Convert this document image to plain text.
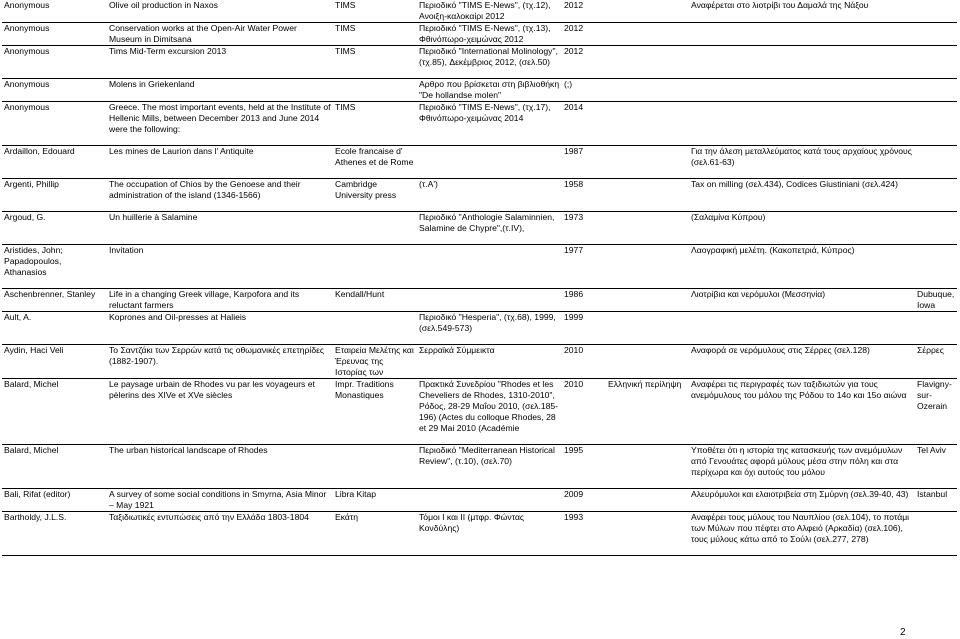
Anonymous	Olive oil production in Naxos	TIMS	Περιοδικό "TIMS E-News", (τχ.12), Ανοιξη-καλοκαίρι 2012	2012		Αναφέρεται στο λιοτρίβι του Δαμαλά της Νάξου	
Anonymous	Conservation works at the Open-Air Water Power Museum in Dimitsana	TIMS	Περιοδικό "TIMS E-News", (τχ.13), Φθινόπωρο-χειμώνας 2012	2012			
Anonymous	Tims Mid-Term excursion 2013	TIMS	Περιοδικό "International Molinology", (τχ.85), Δεκέμβριος 2012, (σελ.50)	2012			
Anonymous	Molens in Griekenland		Αρθρο που βρίσκεται στη βιβλιοθήκη "De hollandse molen"	(;)			
Anonymous	Greece. The most important events, held at the Institute of Hellenic Mills, between December 2013 and June 2014 were the following:	TIMS	Περιοδικό "TIMS E-News", (τχ.17), Φθινόπωρο-χειμώνας 2014	2014			
Ardaillon, Edouard	Les mines de Laurion dans l' Antiquite	Ecole francaise d' Athenes et de Rome		1987		Για την άλεση μεταλλεύματος κατά τους αρχαίους χρόνους (σελ.61-63)	
Argenti, Phillip	The occupation of Chios by the Genoese and their administration of the island (1346-1566)	Cambridge University press	(τ.Α')	1958		Tax on milling (σελ.434), Codices Giustiniani (σελ.424)	
Argoud, G.	Un huillerie à Salamine		Περιοδικό "Anthologie Salaminnien, Salamine de Chypre",(τ.IV),	1973		(Σαλαμίνα Κύπρου)	
Aristides, John; Papadopoulos, Athanasios	Invitation			1977		Λαογραφική μελέτη. (Κακοπετριά, Κύπρος)	
Aschenbrenner, Stanley	Life in a changing Greek village, Karpofora and its reluctant farmers	Kendall/Hunt		1986		Λιοτρίβια και νερόμυλοι (Μεσσηνία)	Dubuque, Iowa
Ault, A.	Koprones and Oil-presses at Halieis		Περιοδικό "Hesperia", (τχ.68), 1999, (σελ.549-573)	1999			
Aydin, Haci Veli	Το Σαντζάκι των Σερρών κατά τις οθωμανικές επετηρίδες (1882-1907).	Εταιρεία Μελέτης και Έρευνας της Ιστορίας των	Σερραϊκά Σύμμεικτα	2010		Αναφορά σε νερόμυλους στις Σέρρες (σελ.128)	Σέρρες
Balard, Michel	Le paysage urbain de Rhodes vu par les voyageurs et pèlerins des XIVe et XVe siècles	Impr. Traditions Monastiques	Πρακτικά Συνεδρίου "Rhodes et les Cheveliers de Rhodes, 1310-2010", Ρόδος, 28-29 Μαΐου 2010, (σελ.185-196) (Actes du colloque Rhodes, 28 et 29 Mai 2010 (Académie	2010	Ελληνική περίληψη	Αναφέρει τις περιγραφές των ταξιδιωτών για τους ανεμόμυλους του μόλου της Ρόδου το 14ο και 15ο αιώνα	Flavigny-sur-Ozerain
Balard, Michel	The urban historical landscape of Rhodes		Περιοδικό "Mediterranean Historical Review", (τ.10), (σελ.70)	1995		Υποθέτει ότι η ιστορία της κατασκευής των ανεμόμυλων από Γενουάτες αφορά μύλους μέσα στην πόλη και στα περίχωρα και όχι αυτούς του μόλου	Tel Aviv
Bali, Rifat (editor)	A survey of some social conditions in Smyrna, Asia Minor – May 1921	Libra Kitap		2009		Αλευρόμυλοι και ελαιοτριβεία στη Σμύρνη (σελ.39-40, 43)	Istanbul
Bartholdy, J.L.S.	Ταξιδιωτικές εντυπώσεις από την Ελλάδα 1803-1804	Εκάτη	Τόμοι Ι και ΙΙ (μτφρ. Φώντας Κονδύλης)	1993		Αναφέρει τους μύλους του Ναυπλίου (σελ.104), το ποτάμι των Μύλων που πέφτει στο Αλφειό (Αρκαδία) (σελ.106), τους μύλους κάτω από το Σούλι (σελ.277, 278)	
2
